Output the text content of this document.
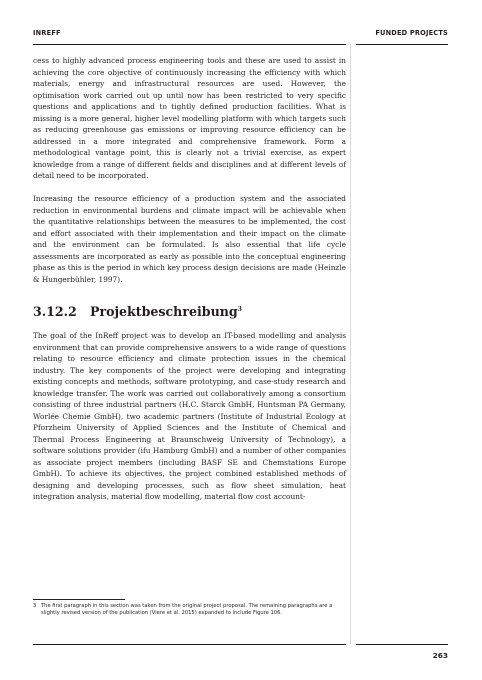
INREFF	FUNDED PROJECTS

cess to highly advanced process engineering tools and these are used to assist in achieving the core objective of continuously increasing the efficiency with which materials, energy and infrastructural resources are used. However, the optimisation work carried out up until now has been restricted to very specific questions and applications and to tightly defined production facilities. What is missing is a more general, higher level modelling platform with which targets such as reducing greenhouse gas emissions or improving resource efficiency can be addressed in a more integrated and comprehensive framework. Form a methodological vantage point, this is clearly not a trivial exercise, as expert knowledge from a range of different fields and disciplines and at different levels of detail need to be incorporated.

Increasing the resource efficiency of a production system and the associated reduction in environmental burdens and climate impact will be achievable when the quantitative relationships between the measures to be implemented, the cost and effort associated with their implementation and their impact on the climate and the environment can be formulated. Is also essential that life cycle assessments are incorporated as early as possible into the conceptual engineering phase as this is the period in which key process design decisions are made (Heinzle & Hungerbühler, 1997).

3.12.2 Projektbeschreibung$^3$

The goal of the InReff project was to develop an IT-based modelling and analysis environment that can provide comprehensive answers to a wide range of questions relating to resource efficiency and climate protection issues in the chemical industry. The key components of the project were developing and integrating existing concepts and methods, software prototyping, and case-study research and knowledge transfer. The work was carried out collaboratively among a consortium consisting of three industrial partners (H.C. Starck GmbH, Huntsman PA Germany, Worlée Chemie GmbH), two academic partners (Institute of Industrial Ecology at Pforzheim University of Applied Sciences and the Institute of Chemical and Thermal Process Engineering at Braunschweig University of Technology), a software solutions provider (ifu Hamburg GmbH) and a number of other companies as associate project members (including BASF SE and Chemstations Europe GmbH). To achieve its objectives, the project combined established methods of designing and developing processes, such as flow sheet simulation, heat integration analysis, material flow modelling, material flow cost account-

3 The first paragraph in this section was taken from the original project proposal. The remaining paragraphs are a slightly revised version of the publication (Viere et al. 2015) expanded to include Figure 106.
263
